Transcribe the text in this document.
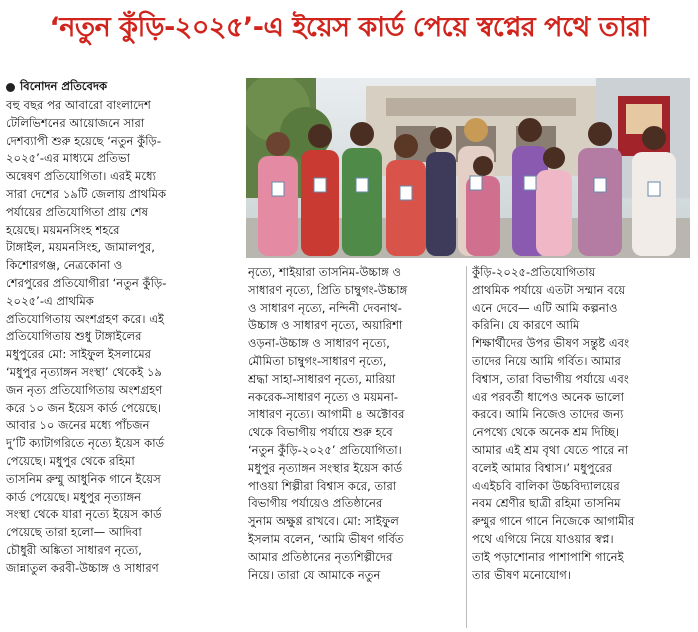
‘নতুন কুঁড়ি-২০২৫’-এ ইয়েস কার্ড পেয়ে স্বপ্নের পথে তারা
বিনোদন প্রতিবেদক

বহু বছর পর আবারো বাংলাদেশ

টেলিভিশনের আয়োজনে সারা

দেশব্যাপী শুরু হয়েছে ‘নতুন কুঁড়ি-

২০২৫’-এর মাধ্যমে প্রতিভা

অন্বেষণ প্রতিযোগিতা। এরই মধ্যে

সারা দেশের ১৯টি জেলায় প্রাথমিক

পর্যায়ের প্রতিযোগিতা প্রায় শেষ

হয়েছে। ময়মনসিংহ শহরে

টাঙ্গাইল, ময়মনসিংহ, জামালপুর,

কিশোরগঞ্জ, নেত্রকোনা ও

শেরপুরের প্রতিযোগীরা ‘নতুন কুঁড়ি-

২০২৫’-এ প্রাথমিক

প্রতিযোগিতায় অংশগ্রহণ করে। এই

প্রতিযোগিতায় শুধু টাঙ্গাইলের

মধুপুরের মো: সাইফুল ইসলামের

‘মধুপুর নৃত্যাঙ্গন সংস্থা’ থেকেই ১৯

জন নৃত্য প্রতিযোগিতায় অংশগ্রহণ

করে ১০ জন ইয়েস কার্ড পেয়েছে।

আবার ১০ জনের মধ্যে পাঁচজন

দু’টি ক্যাটাগরিতে নৃত্যে ইয়েস কার্ড

পেয়েছে। মধুপুর থেকে রহিমা

তাসনিম রুম্মু আধুনিক গানে ইয়েস

কার্ড পেয়েছে। মধুপুর নৃত্যাঙ্গন

সংস্থা থেকে যারা নৃত্যে ইয়েস কার্ড

পেয়েছে তারা হলো— আদিবা

চৌধুরী অঙ্কিতা সাধারণ নৃত্যে,

জান্নাতুল করবী-উচ্চাঙ্গ ও সাধারণ

নৃত্যে, শাইয়ারা তাসনিম-উচ্চাঙ্গ ও

সাধারণ নৃত্যে, প্রিতি চাম্বুগং-উচ্চাঙ্গ

ও সাধারণ নৃত্যে, নন্দিনী দেবনাথ-

উচ্চাঙ্গ ও সাধারণ নৃত্যে, অয়ারিশা

ওড়না-উচ্চাঙ্গ ও সাধারণ নৃত্যে,

মৌমিতা চাম্বুগং-সাধারণ নৃত্যে,

শ্রদ্ধা সাহা-সাধারণ নৃত্যে, মারিয়া

নকরেক-সাধারণ নৃত্যে ও ময়মনা-

সাধারণ নৃত্যে। আগামী ৪ অক্টোবর

থেকে বিভাগীয় পর্যায়ে শুরু হবে

‘নতুন কুঁড়ি-২০২৫’ প্রতিযোগিতা।

মধুপুর নৃত্যাঙ্গন সংস্থার ইয়েস কার্ড

পাওয়া শিল্পীরা বিশ্বাস করে, তারা

বিভাগীয় পর্যায়েও প্রতিষ্ঠানের

সুনাম অক্ষুণ্ণ রাখবে। মো: সাইফুল

ইসলাম বলেন, ‘আমি ভীষণ গর্বিত

আমার প্রতিষ্ঠানের নৃত্যশিল্পীদের

নিয়ে। তারা যে আমাকে নতুন

কুঁড়ি-২০২৫-প্রতিযোগিতায়

প্রাথমিক পর্যায়ে এতটা সম্মান বয়ে

এনে দেবে— এটি আমি কল্পনাও

করিনি। যে কারণে আমি

শিক্ষার্থীদের উপর ভীষণ সন্তুষ্ট এবং

তাদের নিয়ে আমি গর্বিত। আমার

বিশ্বাস, তারা বিভাগীয় পর্যায়ে এবং

এর পরবর্তী ধাপেও অনেক ভালো

করবে। আমি নিজেও তাদের জন্য

নেপথ্যে থেকে অনেক শ্রম দিচ্ছি।

আমার এই শ্রম বৃথা যেতে পারে না

বলেই আমার বিশ্বাস।’ মধুপুরের

এএইচবি বালিকা উচ্চবিদ্যালয়ের

নবম শ্রেণীর ছাত্রী রহিমা তাসনিম

রুম্মুর গানে গানে নিজেকে আগামীর

পথে এগিয়ে নিয়ে যাওয়ার স্বপ্ন।

তাই পড়াশোনার পাশাপাশি গানেই

তার ভীষণ মনোযোগ।
